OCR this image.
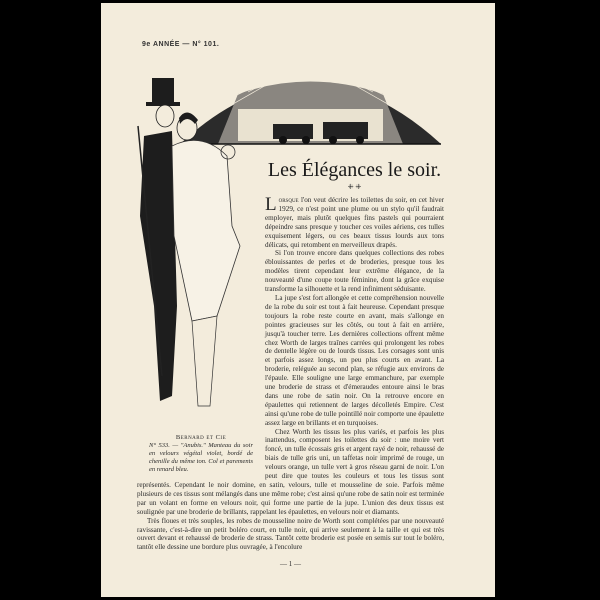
9e ANNÉE — N° 101.
Bernard et Cie
N° 533. — "Anubis." Manteau du soir en velours végétal violet, bordé de chenille du même ton. Col et parements en renard bleu.
Les Élégances le soir.
⁜ ⁜

Lorsque l'on veut décrire les toilettes du soir, en cet hiver 1929, ce n'est point une plume ou un stylo qu'il faudrait employer, mais plutôt quelques fins pastels qui pourraient dépeindre sans presque y toucher ces voiles aériens, ces tulles exquisement légers, ou ces beaux tissus lourds aux tons délicats, qui retombent en merveilleux drapés.

Si l'on trouve encore dans quelques collections des robes éblouissantes de perles et de broderies, presque tous les modèles tirent cependant leur extrême élégance, de la nouveauté d'une coupe toute féminine, dont la grâce exquise transforme la silhouette et la rend infiniment séduisante.

La jupe s'est fort allongée et cette compréhension nouvelle de la robe du soir est tout à fait heureuse. Cependant presque toujours la robe reste courte en avant, mais s'allonge en pointes gracieuses sur les côtés, ou tout à fait en arrière, jusqu'à toucher terre. Les dernières collections offrent même chez Worth de larges traînes carrées qui prolongent les robes de dentelle légère ou de lourds tissus. Les corsages sont unis et parfois assez longs, un peu plus courts en avant. La broderie, reléguée au second plan, se réfugie aux environs de l'épaule. Elle souligne une large emmanchure, par exemple une broderie de strass et d'émeraudes entoure ainsi le bras dans une robe de satin noir. On la retrouve encore en épaulettes qui retiennent de larges décolletés Empire. C'est ainsi qu'une robe de tulle pointillé noir comporte une épaulette assez large en brillants et en turquoises.

Chez Worth les tissus les plus variés, et parfois les plus inattendus, composent les toilettes du soir : une moire vert foncé, un tulle écossais gris et argent rayé de noir, rehaussé de biais de tulle gris uni, un taffetas noir imprimé de rouge, un velours orange, un tulle vert à gros réseau garni de noir. L'on peut dire que toutes les couleurs et tous les tissus sont représentés. Cependant le noir domine, en satin, velours, tulle et mousseline de soie. Parfois même plusieurs de ces tissus sont mélangés dans une même robe; c'est ainsi qu'une robe de satin noir est terminée par un volant en forme en velours noir, qui forme une partie de la jupe. L'union des deux tissus est soulignée par une broderie de brillants, rappelant les épaulettes, en velours noir et diamants.

Très floues et très souples, les robes de mousseline noire de Worth sont complétées par une nouveauté ravissante, c'est-à-dire un petit boléro court, en tulle noir, qui arrive seulement à la taille et qui est très ouvert devant et rehaussé de broderie de strass. Tantôt cette broderie est posée en semis sur tout le boléro, tantôt elle dessine une bordure plus ouvragée, à l'encolure

— 1 —
